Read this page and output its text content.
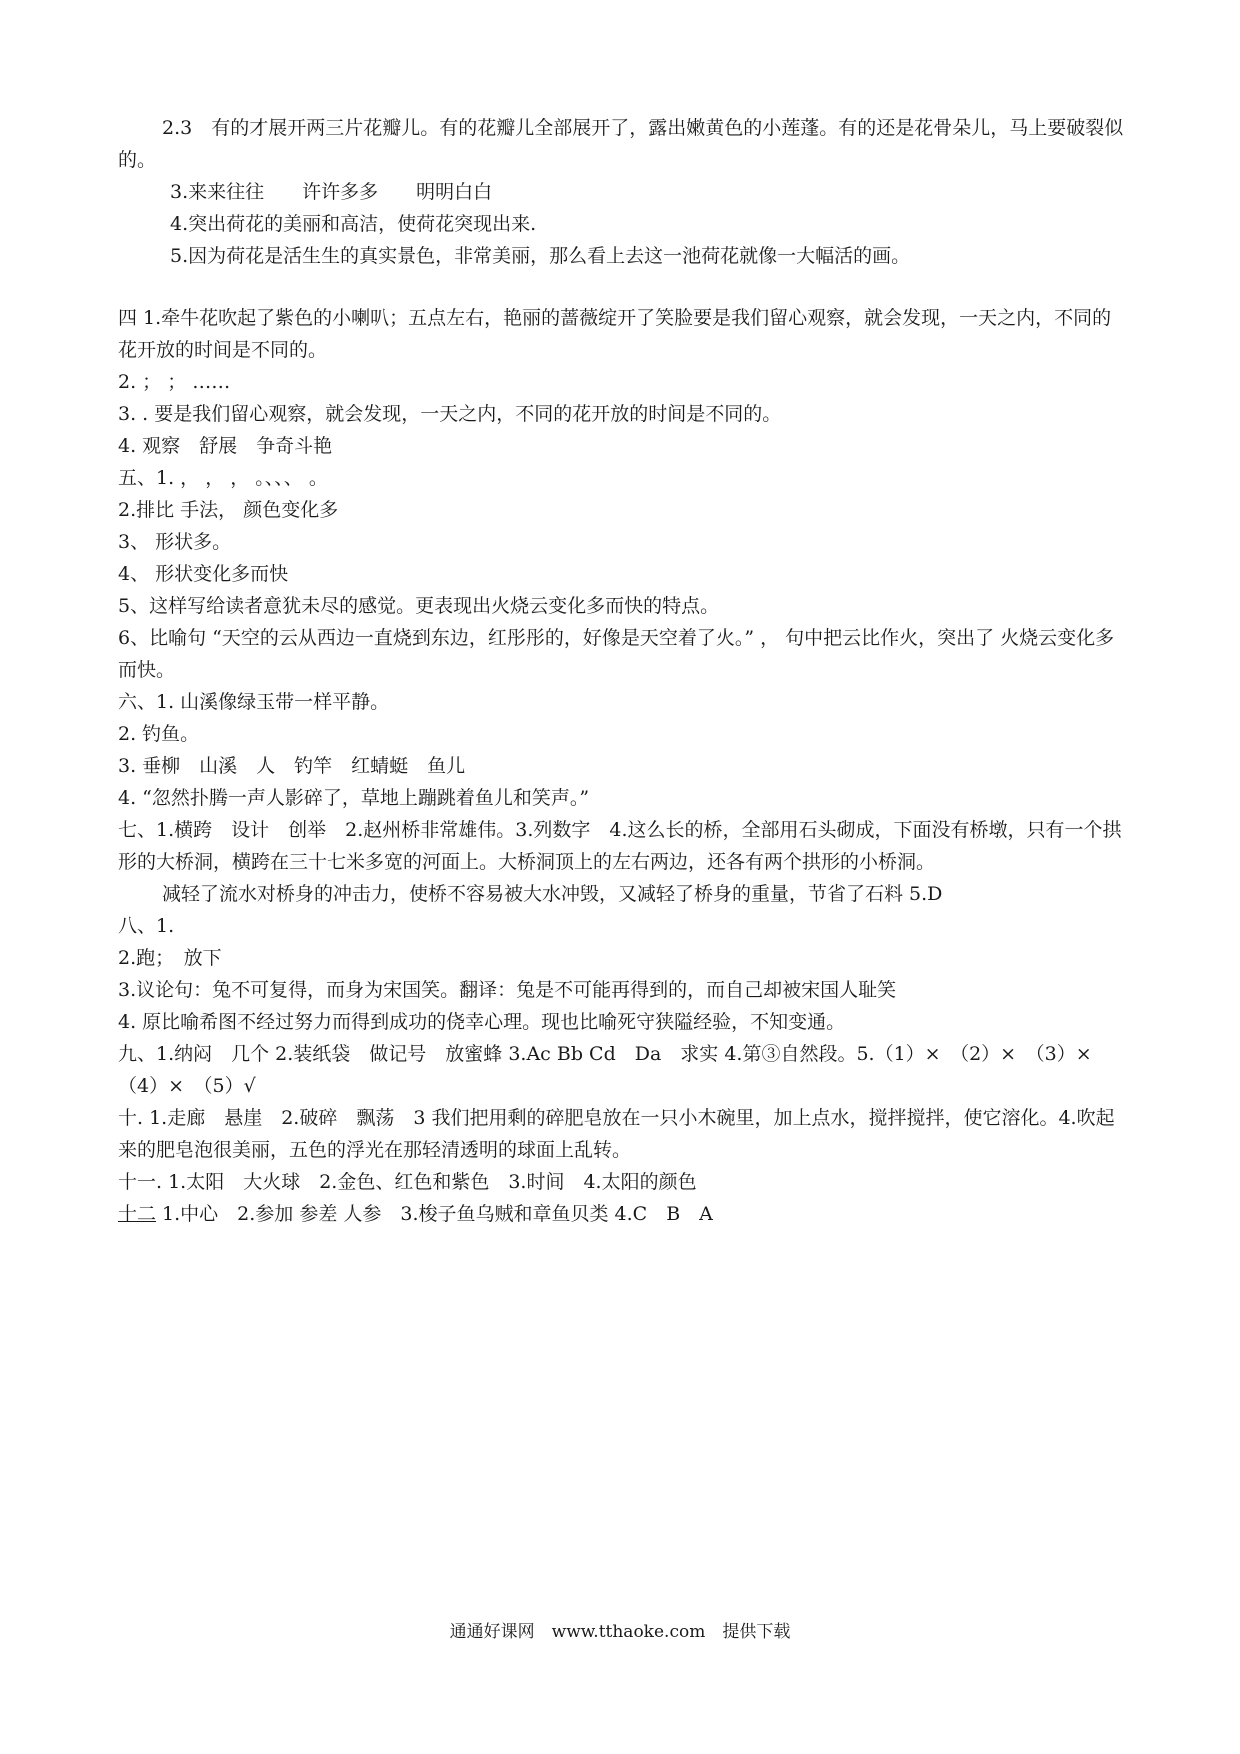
2.3　有的才展开两三片花瓣儿。有的花瓣儿全部展开了，露出嫩黄色的小莲蓬。有的还是花骨朵儿，马上要破裂似的。
3.来来往往　　许许多多　　明明白白
4.突出荷花的美丽和高洁，使荷花突现出来.
5.因为荷花是活生生的真实景色，非常美丽，那么看上去这一池荷花就像一大幅活的画。
四 1.牵牛花吹起了紫色的小喇叭；五点左右，艳丽的蔷薇绽开了笑脸要是我们留心观察，就会发现，一天之内，不同的花开放的时间是不同的。
2. ； ； ……
3. . 要是我们留心观察，就会发现，一天之内，不同的花开放的时间是不同的。
4. 观察　舒展　争奇斗艳
五、1. ， ， ， 。、、、 。
2.排比 手法， 颜色变化多
3、 形状多。
4、 形状变化多而快
5、这样写给读者意犹未尽的感觉。更表现出火烧云变化多而快的特点。
6、比喻句 “天空的云从西边一直烧到东边，红彤彤的，好像是天空着了火。” ， 句中把云比作火，突出了 火烧云变化多而快。
六、1. 山溪像绿玉带一样平静。
2. 钓鱼。
3. 垂柳　山溪　人　钓竿　红蜻蜓　鱼儿
4. “忽然扑腾一声人影碎了，草地上蹦跳着鱼儿和笑声。”
七、1.横跨　设计　创举　2.赵州桥非常雄伟。3.列数字　4.这么长的桥，全部用石头砌成，下面没有桥墩，只有一个拱形的大桥洞，横跨在三十七米多宽的河面上。大桥洞顶上的左右两边，还各有两个拱形的小桥洞。
减轻了流水对桥身的冲击力，使桥不容易被大水冲毁，又减轻了桥身的重量，节省了石料 5.D
八、1.
2.跑；　放下
3.议论句：兔不可复得，而身为宋国笑。翻译：兔是不可能再得到的，而自己却被宋国人耻笑
4. 原比喻希图不经过努力而得到成功的侥幸心理。现也比喻死守狭隘经验，不知变通。
九、1.纳闷　几个 2.装纸袋　做记号　放蜜蜂 3.Ac Bb Cd　Da　求实 4.第③自然段。5.（1）×　（2）×　（3）×　（4）×　（5）√
十. 1.走廊　悬崖　2.破碎　飘荡　3 我们把用剩的碎肥皂放在一只小木碗里，加上点水，搅拌搅拌，使它溶化。4.吹起来的肥皂泡很美丽，五色的浮光在那轻清透明的球面上乱转。
十一. 1.太阳　大火球　2.金色、红色和紫色　3.时间　4.太阳的颜色
十二 1.中心　2.参加 参差 人参　3.梭子鱼乌贼和章鱼贝类 4.C　B　A
通通好课网　www.tthaoke.com　提供下载
